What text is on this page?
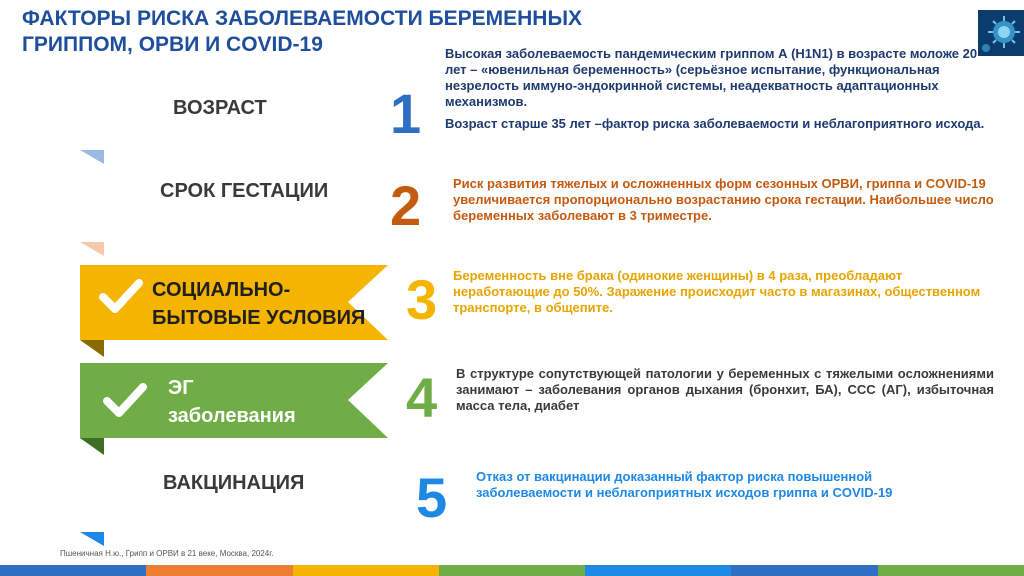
ФАКТОРЫ РИСКА ЗАБОЛЕВАЕМОСТИ БЕРЕМЕННЫХ ГРИППОМ, ОРВИ И COVID-19
ВОЗРАСТ 1
Высокая заболеваемость пандемическим гриппом А (H1N1) в возрасте моложе 20 лет – «ювенильная беременность» (серьёзное испытание, функциональная незрелость иммуно-эндокринной системы, неадекватность адаптационных механизмов.
Возраст старше 35 лет –фактор риска заболеваемости и неблагоприятного исхода.
СРОК ГЕСТАЦИИ 2 Риск развития тяжелых и осложненных форм сезонных ОРВИ, гриппа и COVID-19 увеличивается пропорционально возрастанию срока гестации. Наибольшее число беременных заболевают в 3 триместре.
СОЦИАЛЬНО-
БЫТОВЫЕ УСЛОВИЯ 3 Беременность вне брака (одинокие женщины) в 4 раза, преобладают неработающие до 50%. Заражение происходит часто в магазинах, общественном транспорте, в общепите.
ЭГ
заболевания 4 В структуре сопутствующей патологии у беременных с тяжелыми осложнениями занимают – заболевания органов дыхания (бронхит, БА), ССС (АГ), избыточная масса тела, диабет
ВАКЦИНАЦИЯ 5 Отказ от вакцинации доказанный фактор риска повышенной заболеваемости и неблагоприятных исходов гриппа и COVID-19
Пшеничная Н.ю., Грипп и ОРВИ в 21 веке, Москва, 2024г.
